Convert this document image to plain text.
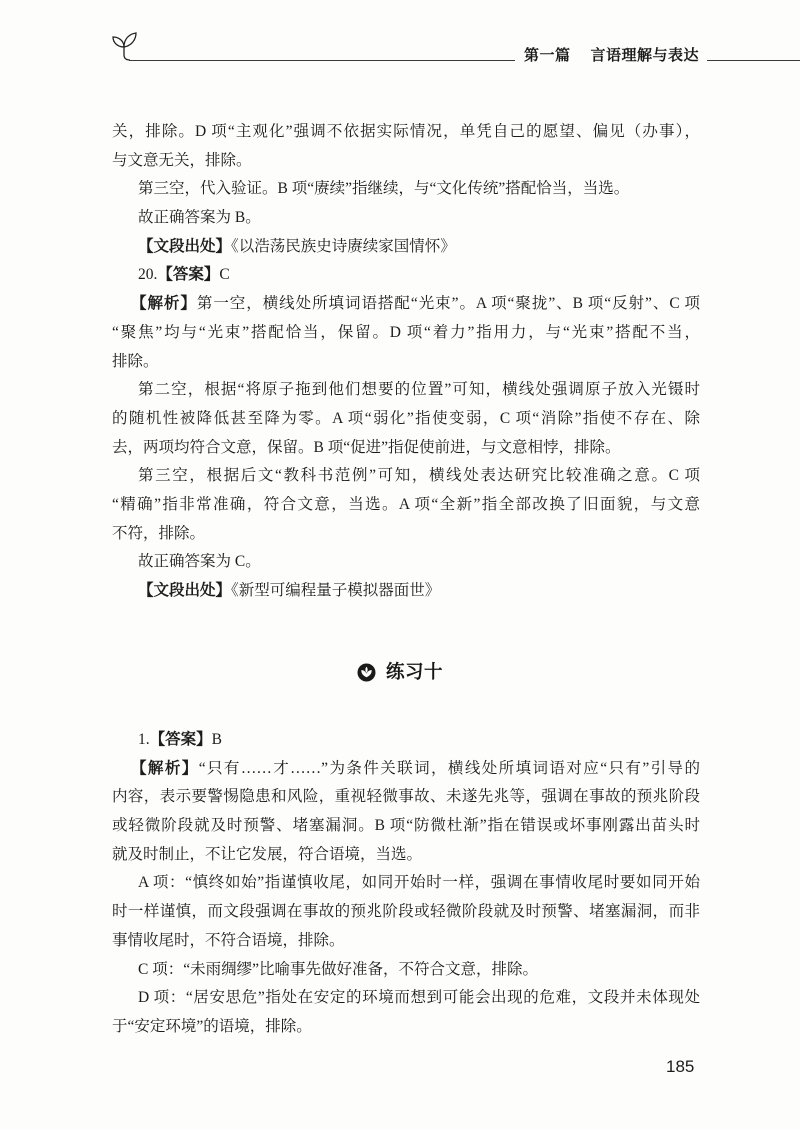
第一篇 言语理解与表达
关，排除。D 项“主观化”强调不依据实际情况，单凭自己的愿望、偏见（办事），
与文意无关，排除。
第三空，代入验证。B 项“赓续”指继续，与“文化传统”搭配恰当，当选。
故正确答案为 B。
【文段出处】《以浩荡民族史诗赓续家国情怀》
20.【答案】C
【解析】第一空，横线处所填词语搭配“光束”。A 项“聚拢”、B 项“反射”、C 项
“聚焦”均与“光束”搭配恰当，保留。D 项“着力”指用力，与“光束”搭配不当，
排除。
第二空，根据“将原子拖到他们想要的位置”可知，横线处强调原子放入光镊时
的随机性被降低甚至降为零。A 项“弱化”指使变弱，C 项“消除”指使不存在、除
去，两项均符合文意，保留。B 项“促进”指促使前进，与文意相悖，排除。
第三空，根据后文“教科书范例”可知，横线处表达研究比较准确之意。C 项
“精确”指非常准确，符合文意，当选。A 项“全新”指全部改换了旧面貌，与文意
不符，排除。
故正确答案为 C。
【文段出处】《新型可编程量子模拟器面世》
练习十
1.【答案】B
【解析】“只有……才……”为条件关联词，横线处所填词语对应“只有”引导的
内容，表示要警惕隐患和风险，重视轻微事故、未遂先兆等，强调在事故的预兆阶段
或轻微阶段就及时预警、堵塞漏洞。B 项“防微杜渐”指在错误或坏事刚露出苗头时
就及时制止，不让它发展，符合语境，当选。
A 项：“慎终如始”指谨慎收尾，如同开始时一样，强调在事情收尾时要如同开始
时一样谨慎，而文段强调在事故的预兆阶段或轻微阶段就及时预警、堵塞漏洞，而非
事情收尾时，不符合语境，排除。
C 项：“未雨绸缪”比喻事先做好准备，不符合文意，排除。
D 项：“居安思危”指处在安定的环境而想到可能会出现的危难，文段并未体现处
于“安定环境”的语境，排除。
185
